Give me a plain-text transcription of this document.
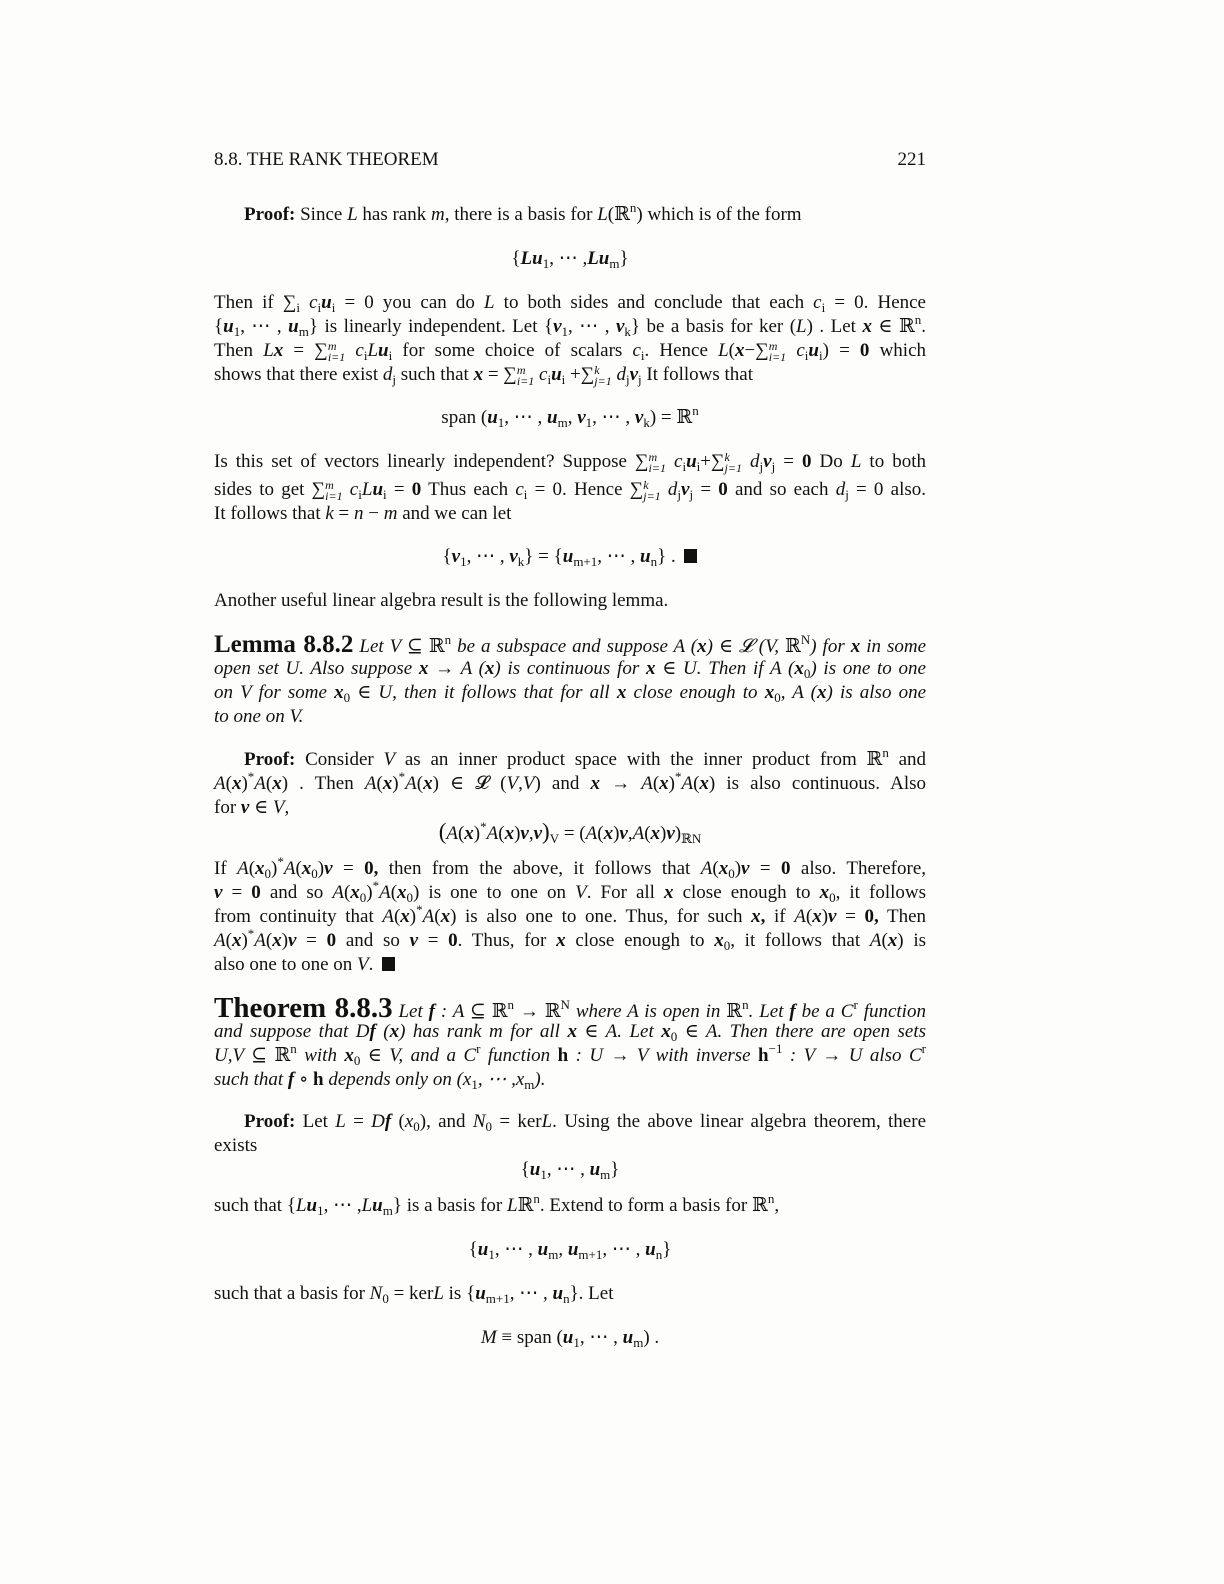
8.8. THE RANK THEOREM	221
Proof: Since L has rank m, there is a basis for L(ℝ$^n$) which is of the form
{$Lu_1$, ⋯ $,Lu_m$}
Then if $\sum_i$ $c_iu_i = 0$ you can do L to both sides and conclude that each $c_i = 0$. Hence
{$u_1$, ⋯ , $u_m$} is linearly independent. Let {$v_1$, ⋯ , $v_k$} be a basis for ker (L) . Let x ∈ ℝ$^n$.
Then Lx = ∑ m
i=1 $c_iLu_i$ for some choice of scalars $c_i$. Hence L(x−∑ m
i=1 $c_iu_i) = 0$ which
shows that there exist $d_j$ such that x = ∑ m
i=1 $c_iu_i$ +∑ k
j=1 $d_jv_j$ It follows that
span ($u_1$, ⋯ , $u_m$, $v_1$, ⋯ , $v_k$) = ℝ$^n$
Is this set of vectors linearly independent? Suppose ∑ m
i=1 $c_iu_i+\sum$ k
j=1 $d_jv_j = 0$ Do L to both
sides to get ∑ m
i=1 $c_iLu_i = 0$ Thus each $c_i = 0$. Hence ∑ k
j=1 $d_jv_j = 0$ and so each $d_j = 0$ also.
It follows that k = n − m and we can let
{$v_1$, ⋯ , $v_k\} = \{u_{m+1}$, ⋯ , $u_n$} .
Another useful linear algebra result is the following lemma.
Lemma 8.8.2 Let V ⊆ ℝ$^n$ be a subspace and suppose A (x) ∈ 𝓛 (V, ℝ$^N$) for x in some
open set U. Also suppose x → A (x) is continuous for x ∈ U. Then if A $(x_0)$ is one to one
on V for some $x_0$ ∈ U, then it follows that for all x close enough to $x_0$, A (x) is also one
to one on V.
Proof: Consider V as an inner product space with the inner product from ℝ$^n$ and
A(x)*A(x) . Then A(x)*A(x) ∈ 𝓛 (V,V) and x → A(x)*A(x) is also continuous. Also
for v ∈ V,
$(A(x)^*A(x)v,v)_V = (A(x)v,A(x)v)_{ℝN}$
If $A(x_0)^*A(x_0)v = 0$, then from the above, it follows that $A(x_0)v = 0$ also. Therefore,
v = 0 and so $A(x_0)^*A(x_0)$ is one to one on V. For all x close enough to $x_0$, it follows
from continuity that A(x)*A(x) is also one to one. Thus, for such x, if A(x)v = 0, Then
A(x)*A(x)v = 0 and so v = 0. Thus, for x close enough to $x_0$, it follows that A(x) is
also one to one on V.
Theorem 8.8.3 Let f : A ⊆ ℝ$^n$ → ℝ$^N$ where A is open in ℝ$^n$. Let f be a $C^r$ function
and suppose that Df (x) has rank m for all x ∈ A. Let $x_0$ ∈ A. Then there are open sets
U,V ⊆ ℝ$^n$ with $x_0$ ∈ V, and a $C^r$ function h : U → V with inverse $h^{-1}$ : V → U also $C^r$
such that f ∘ h depends only on ($x_1$, ⋯ $,x_m$).
Proof: Let L = Df $(x_0)$, and $N_0$ = kerL. Using the above linear algebra theorem, there
exists
{$u_1$, ⋯ , $u_m$}
such that {$Lu_1$, ⋯ $,Lu_m$} is a basis for Lℝ$^n$. Extend to form a basis for ℝ$^n$,
{$u_1$, ⋯ , $u_m$, $u_{m+1}$, ⋯ , $u_n$}
such that a basis for $N_0$ = kerL is {$u_{m+1}$, ⋯ , $u_n$}. Let
M ≡ span ($u_1$, ⋯ , $u_m$) .
